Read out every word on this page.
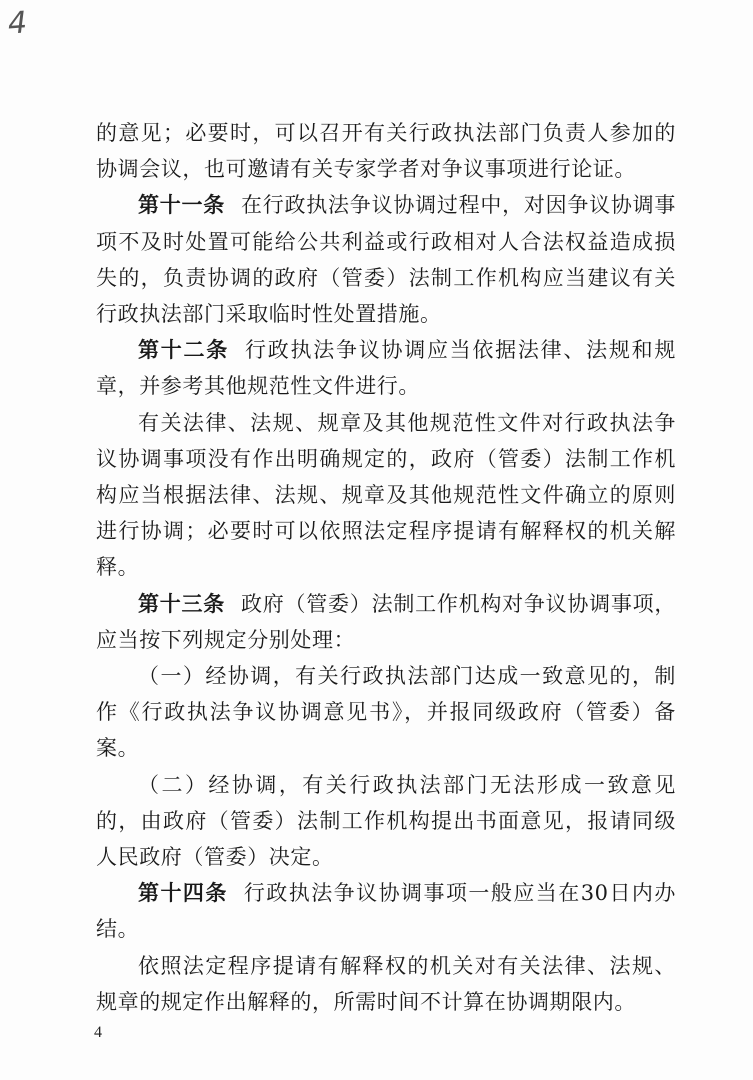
4

的意见；必要时，可以召开有关行政执法部门负责人参加的协调会议，也可邀请有关专家学者对争议事项进行论证。

第十一条 在行政执法争议协调过程中，对因争议协调事项不及时处置可能给公共利益或行政相对人合法权益造成损失的，负责协调的政府（管委）法制工作机构应当建议有关行政执法部门采取临时性处置措施。

第十二条 行政执法争议协调应当依据法律、法规和规章，并参考其他规范性文件进行。

有关法律、法规、规章及其他规范性文件对行政执法争议协调事项没有作出明确规定的，政府（管委）法制工作机构应当根据法律、法规、规章及其他规范性文件确立的原则进行协调；必要时可以依照法定程序提请有解释权的机关解释。

第十三条 政府（管委）法制工作机构对争议协调事项，应当按下列规定分别处理：

（一）经协调，有关行政执法部门达成一致意见的，制作《行政执法争议协调意见书》，并报同级政府（管委）备案。

（二）经协调，有关行政执法部门无法形成一致意见的，由政府（管委）法制工作机构提出书面意见，报请同级人民政府（管委）决定。

第十四条 行政执法争议协调事项一般应当在30日内办结。

依照法定程序提请有解释权的机关对有关法律、法规、规章的规定作出解释的，所需时间不计算在协调期限内。

4
